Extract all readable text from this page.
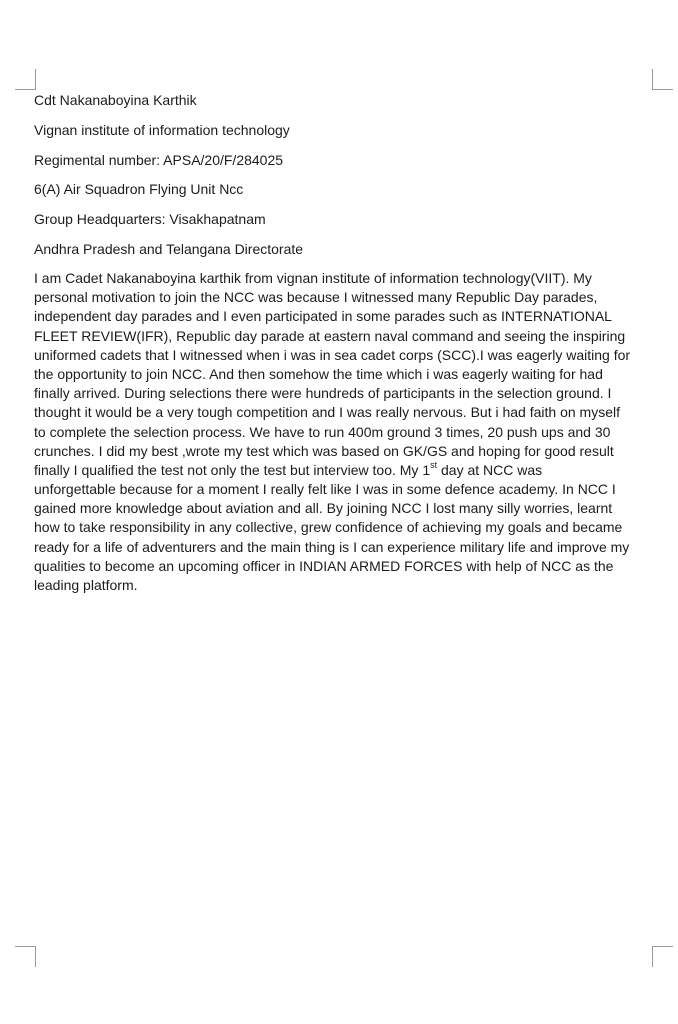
Cdt Nakanaboyina Karthik
Vignan institute of information technology
Regimental number: APSA/20/F/284025
6(A) Air Squadron Flying Unit Ncc
Group Headquarters: Visakhapatnam
Andhra Pradesh and Telangana Directorate
I am Cadet Nakanaboyina karthik from vignan institute of information technology(VIIT). My
personal motivation to join the NCC was because I witnessed many Republic Day parades,
independent day parades and I even participated in some parades such as INTERNATIONAL
FLEET REVIEW(IFR), Republic day parade at eastern naval command and seeing the inspiring
uniformed cadets that I witnessed when i was in sea cadet corps (SCC).I was eagerly waiting for
the opportunity to join NCC. And then somehow the time which i was eagerly waiting for had
finally arrived. During selections there were hundreds of participants in the selection ground. I
thought it would be a very tough competition and I was really nervous. But i had faith on myself
to complete the selection process. We have to run 400m ground 3 times, 20 push ups and 30
crunches. I did my best ,wrote my test which was based on GK/GS and hoping for good result
finally I qualified the test not only the test but interview too. My 1st day at NCC was
unforgettable because for a moment I really felt like I was in some defence academy. In NCC I
gained more knowledge about aviation and all. By joining NCC I lost many silly worries, learnt
how to take responsibility in any collective, grew confidence of achieving my goals and became
ready for a life of adventurers and the main thing is I can experience military life and improve my
qualities to become an upcoming officer in INDIAN ARMED FORCES with help of NCC as the
leading platform.
